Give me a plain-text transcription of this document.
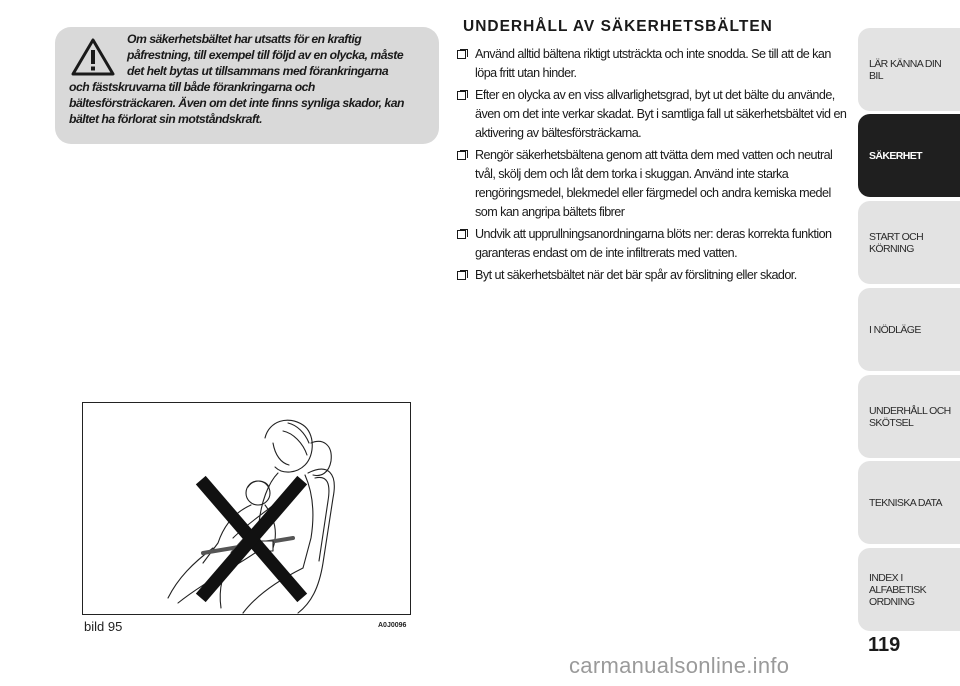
Om säkerhetsbältet har utsatts för en kraftig
påfrestning, till exempel till följd av en olycka, måste
det helt bytas ut tillsammans med förankringarna
och fästskruvarna till både förankringarna och
bältesförsträckaren. Även om det inte finns synliga skador, kan
bältet ha förlorat sin motståndskraft.
UNDERHÅLL AV SÄKERHETSBÄLTEN
Använd alltid bältena riktigt utsträckta och inte snodda. Se till att de kan löpa fritt utan hinder.
Efter en olycka av en viss allvarlighetsgrad, byt ut det bälte du använde, även om det inte verkar skadat. Byt i samtliga fall ut säkerhetsbältet vid en aktivering av bältesförsträckarna.
Rengör säkerhetsbältena genom att tvätta dem med vatten och neutral tvål, skölj dem och låt dem torka i skuggan. Använd inte starka rengöringsmedel, blekmedel eller färgmedel och andra kemiska medel som kan angripa bältets fibrer
Undvik att upprullningsanordningarna blöts ner: deras korrekta funktion garanteras endast om de inte infiltrerats med vatten.
Byt ut säkerhetsbältet när det bär spår av förslitning eller skador.
bild 95	A0J0096
LÄR KÄNNA DIN BIL
SÄKERHET
START OCH KÖRNING
I NÖDLÄGE
UNDERHÅLL OCH SKÖTSEL
TEKNISKA DATA
INDEX I ALFABETISK ORDNING
119
carmanualsonline.info
